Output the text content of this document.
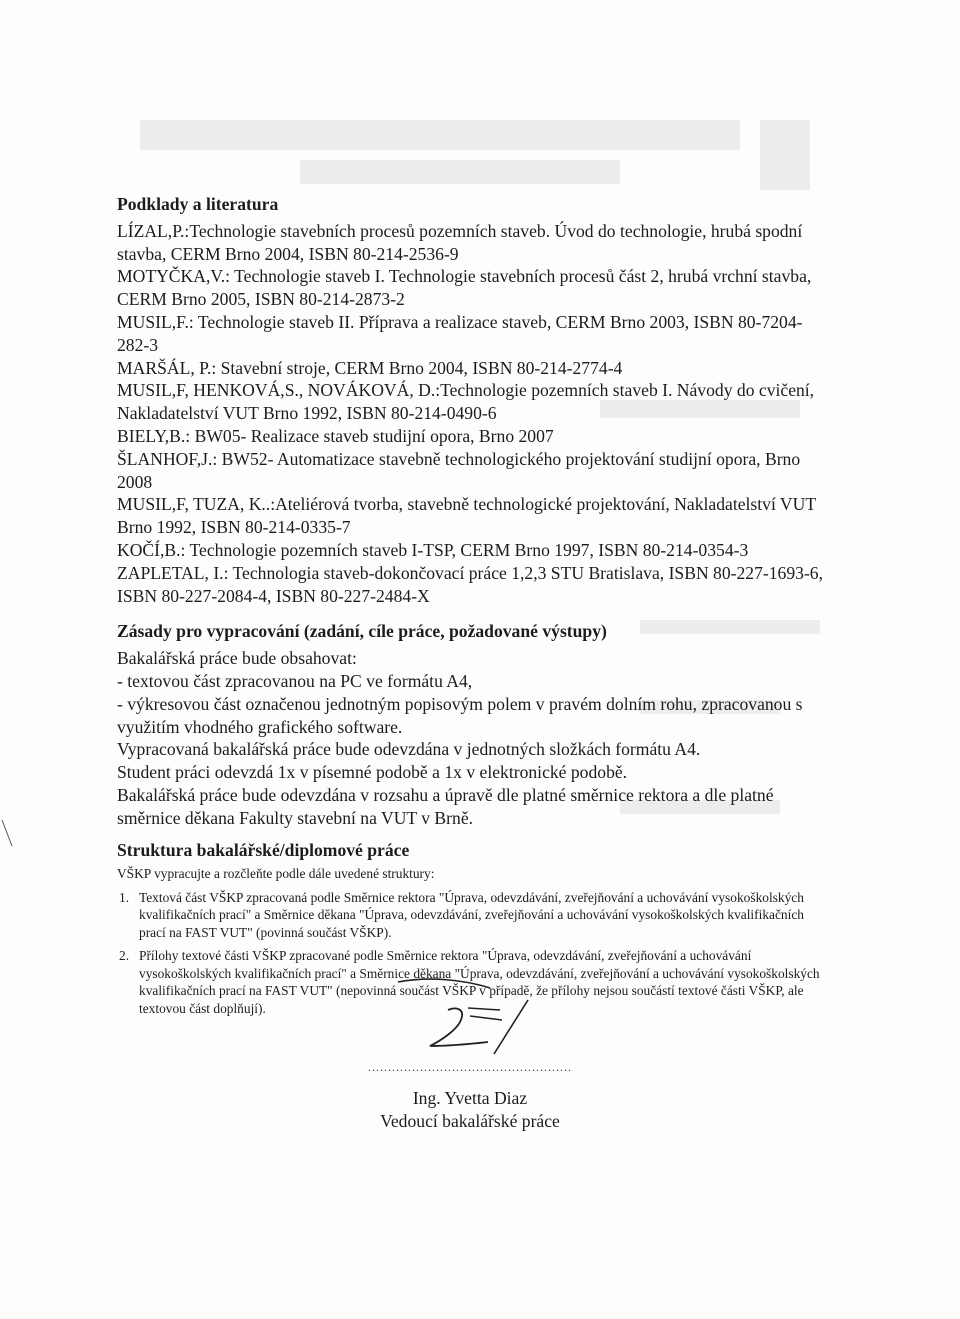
Podklady a literatura

LÍZAL,P.:Technologie stavebních procesů pozemních staveb. Úvod do technologie, hrubá spodní stavba, CERM Brno 2004, ISBN 80-214-2536-9

MOTYČKA,V.: Technologie staveb I. Technologie stavebních procesů část 2, hrubá vrchní stavba, CERM Brno 2005, ISBN 80-214-2873-2

MUSIL,F.: Technologie staveb II. Příprava a realizace staveb, CERM Brno 2003, ISBN 80-7204-282-3

MARŠÁL, P.: Stavební stroje, CERM Brno 2004, ISBN 80-214-2774-4

MUSIL,F, HENKOVÁ,S., NOVÁKOVÁ, D.:Technologie pozemních staveb I. Návody do cvičení, Nakladatelství VUT Brno 1992, ISBN 80-214-0490-6

BIELY,B.: BW05- Realizace staveb studijní opora, Brno 2007

ŠLANHOF,J.: BW52- Automatizace stavebně technologického projektování studijní opora, Brno 2008

MUSIL,F, TUZA, K..:Ateliérová tvorba, stavebně technologické projektování, Nakladatelství VUT Brno 1992, ISBN 80-214-0335-7

KOČÍ,B.: Technologie pozemních staveb I-TSP, CERM Brno 1997, ISBN 80-214-0354-3

ZAPLETAL, I.: Technologia staveb-dokončovací práce 1,2,3 STU Bratislava, ISBN 80-227-1693-6, ISBN 80-227-2084-4, ISBN 80-227-2484-X

Zásady pro vypracování (zadání, cíle práce, požadované výstupy)

Bakalářská práce bude obsahovat:

- textovou část zpracovanou na PC ve formátu A4,

- výkresovou část označenou jednotným popisovým polem v pravém dolním rohu, zpracovanou s využitím vhodného grafického software.

Vypracovaná bakalářská práce bude odevzdána v jednotných složkách formátu A4.

Student práci odevzdá 1x v písemné podobě a 1x v elektronické podobě.

Bakalářská práce bude odevzdána v rozsahu a úpravě dle platné směrnice rektora a dle platné směrnice děkana Fakulty stavební na VUT v Brně.

Struktura bakalářské/diplomové práce

VŠKP vypracujte a rozčleňte podle dále uvedené struktury:

1. Textová část VŠKP zpracovaná podle Směrnice rektora "Úprava, odevzdávání, zveřejňování a uchovávání vysokoškolských kvalifikačních prací" a Směrnice děkana "Úprava, odevzdávání, zveřejňování a uchovávání vysokoškolských kvalifikačních prací na FAST VUT" (povinná součást VŠKP).
2. Přílohy textové části VŠKP zpracované podle Směrnice rektora "Úprava, odevzdávání, zveřejňování a uchovávání vysokoškolských kvalifikačních prací" a Směrnice děkana "Úprava, odevzdávání, zveřejňování a uchovávání vysokoškolských kvalifikačních prací na FAST VUT" (nepovinná součást VŠKP v případě, že přílohy nejsou součástí textové části VŠKP, ale textovou část doplňují).
...................................................
Ing. Yvetta Diaz
Vedoucí bakalářské práce
